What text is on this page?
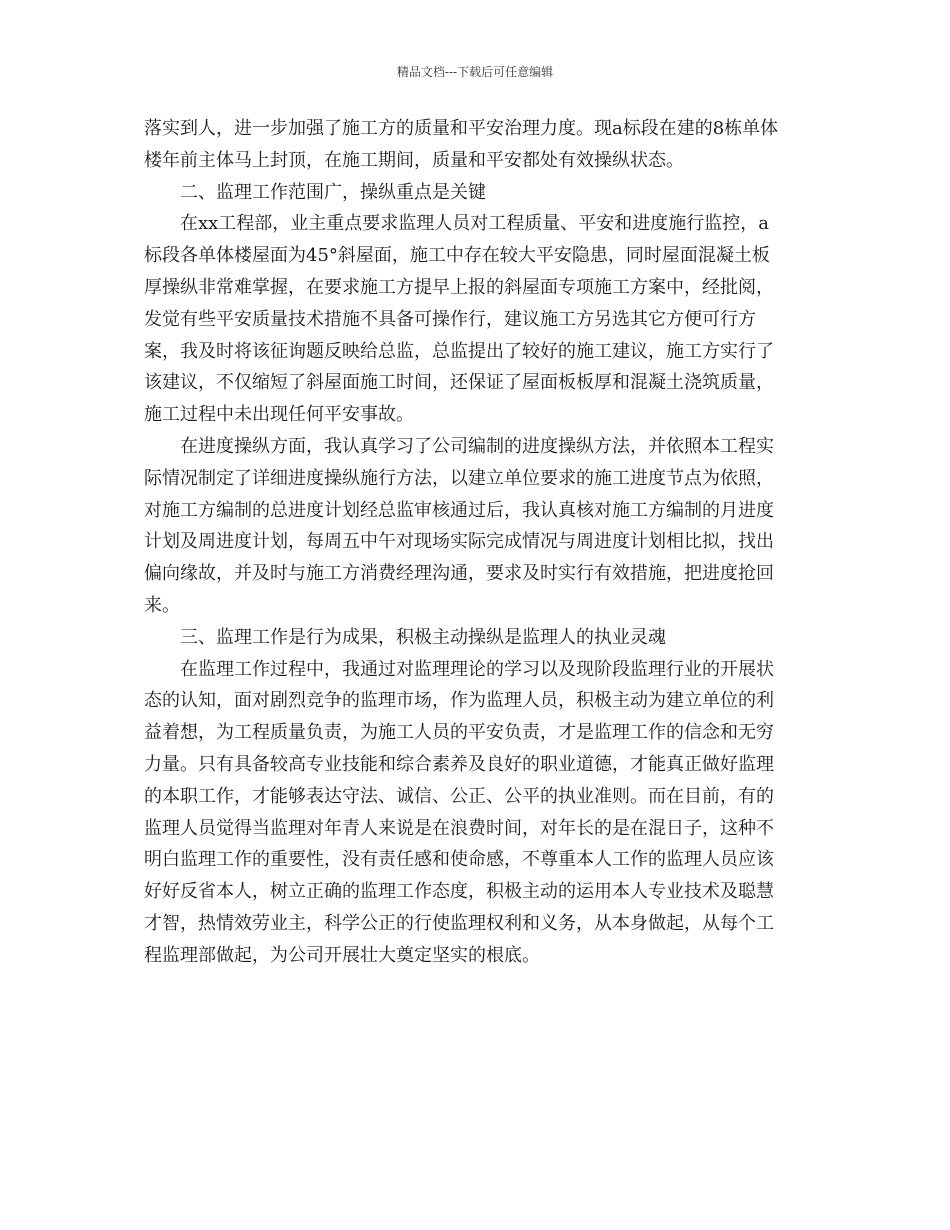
精品文档---下载后可任意编辑
落实到人，进一步加强了施工方的质量和平安治理力度。现a标段在建的8栋单体
楼年前主体马上封顶，在施工期间，质量和平安都处有效操纵状态。
二、监理工作范围广，操纵重点是关键
在xx工程部，业主重点要求监理人员对工程质量、平安和进度施行监控，a
标段各单体楼屋面为45°斜屋面，施工中存在较大平安隐患，同时屋面混凝土板
厚操纵非常难掌握，在要求施工方提早上报的斜屋面专项施工方案中，经批阅，
发觉有些平安质量技术措施不具备可操作行，建议施工方另选其它方便可行方
案，我及时将该征询题反映给总监，总监提出了较好的施工建议，施工方实行了
该建议，不仅缩短了斜屋面施工时间，还保证了屋面板板厚和混凝土浇筑质量，
施工过程中未出现任何平安事故。
在进度操纵方面，我认真学习了公司编制的进度操纵方法，并依照本工程实
际情况制定了详细进度操纵施行方法，以建立单位要求的施工进度节点为依照，
对施工方编制的总进度计划经总监审核通过后，我认真核对施工方编制的月进度
计划及周进度计划，每周五中午对现场实际完成情况与周进度计划相比拟，找出
偏向缘故，并及时与施工方消费经理沟通，要求及时实行有效措施，把进度抢回
来。
三、监理工作是行为成果，积极主动操纵是监理人的执业灵魂
在监理工作过程中，我通过对监理理论的学习以及现阶段监理行业的开展状
态的认知，面对剧烈竞争的监理市场，作为监理人员，积极主动为建立单位的利
益着想，为工程质量负责，为施工人员的平安负责，才是监理工作的信念和无穷
力量。只有具备较高专业技能和综合素养及良好的职业道德，才能真正做好监理
的本职工作，才能够表达守法、诚信、公正、公平的执业准则。而在目前，有的
监理人员觉得当监理对年青人来说是在浪费时间，对年长的是在混日子，这种不
明白监理工作的重要性，没有责任感和使命感，不尊重本人工作的监理人员应该
好好反省本人，树立正确的监理工作态度，积极主动的运用本人专业技术及聪慧
才智，热情效劳业主，科学公正的行使监理权利和义务，从本身做起，从每个工
程监理部做起，为公司开展壮大奠定坚实的根底。
